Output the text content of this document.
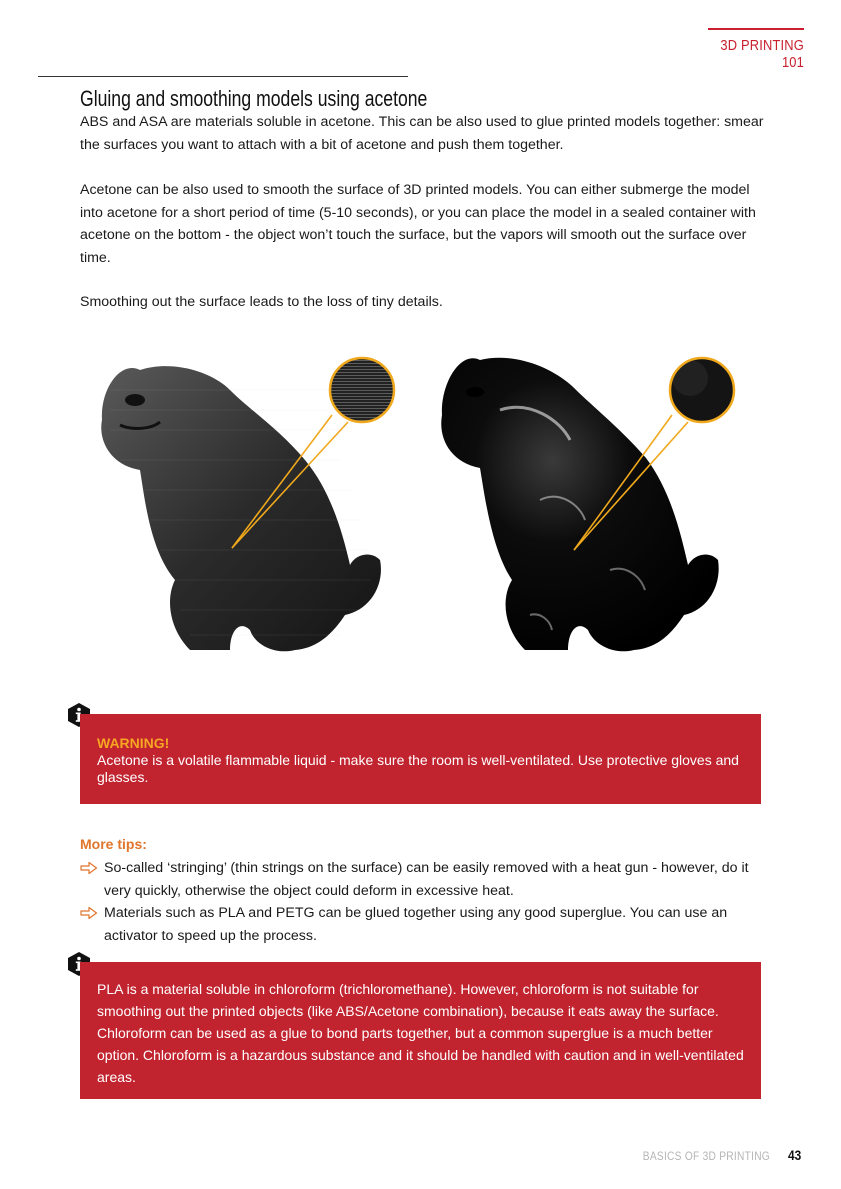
3D PRINTING 101
Gluing and smoothing models using acetone

ABS and ASA are materials soluble in acetone. This can be also used to glue printed models together: smear the surfaces you want to attach with a bit of acetone and push them together.

Acetone can be also used to smooth the surface of 3D printed models. You can either submerge the model into acetone for a short period of time (5-10 seconds), or you can place the model in a sealed container with acetone on the bottom - the object won’t touch the surface, but the vapors will smooth out the surface over time.

Smoothing out the surface leads to the loss of tiny details.

WARNING!
Acetone is a volatile flammable liquid - make sure the room is well-ventilated. Use protective gloves and glasses.
More tips:
So-called ‘stringing’ (thin strings on the surface) can be easily removed with a heat gun - however, do it very quickly, otherwise the object could deform in excessive heat.
Materials such as PLA and PETG can be glued together using any good superglue. You can use an activator to speed up the process.
PLA is a material soluble in chloroform (trichloromethane). However, chloroform is not suitable for smoothing out the printed objects (like ABS/Acetone combination), because it eats away the surface. Chloroform can be used as a glue to bond parts together, but a common superglue is a much better option. Chloroform is a hazardous substance and it should be handled with caution and in well-ventilated areas.
BASICS OF 3D PRINTING 43
